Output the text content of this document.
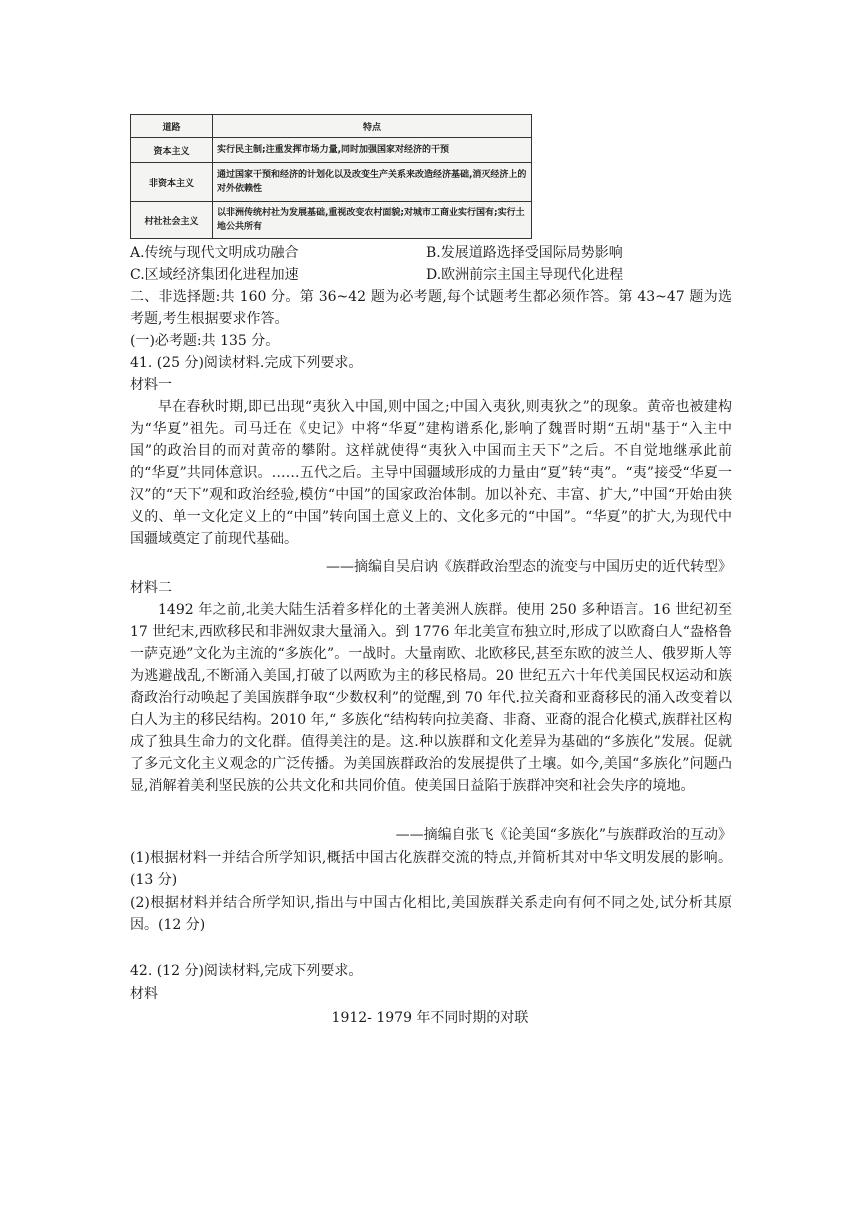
道路	特点
资本主义	实行民主制;注重发挥市场力量,同时加强国家对经济的干预
非资本主义	通过国家干预和经济的计划化以及改变生产关系来改造经济基础,消灭经济上的对外依赖性
村社社会主义	以非洲传统村社为发展基础,重视改变农村面貌;对城市工商业实行国有;实行土地公共所有
A.传统与现代文明成功融合	B.发展道路选择受国际局势影响
C.区域经济集团化进程加速	D.欧洲前宗主国主导现代化进程
二、非选择题:共 160 分。第 36~42 题为必考题,每个试题考生都必须作答。第 43~47 题为选考题,考生根据要求作答。
(一)必考题:共 135 分。
41. (25 分)阅读材料.完成下列要求。
材料一
早在春秋时期,即已出现“夷狄入中国,则中国之;中国入夷狄,则夷狄之”的现象。黄帝也被建构为“华夏”祖先。司马迁在《史记》中将“华夏”建构谱系化,影响了魏晋时期“五胡"基于“入主中国”的政治目的而对黄帝的攀附。这样就使得“夷狄入中国而主天下”之后。不自觉地继承此前的“华夏”共同体意识。……五代之后。主导中国疆域形成的力量由“夏”转“夷”。“夷”接受“华夏一汉”的“天下”观和政治经验,模仿“中国”的国家政治体制。加以补充、丰富、扩大,”中国“开始由狭义的、单一文化定义上的“中国”转向国土意义上的、文化多元的“中国”。“华夏”的扩大,为现代中国疆域奠定了前现代基础。
——摘编自吴启讷《族群政治型态的流变与中国历史的近代转型》
材料二
1492 年之前,北美大陆生活着多样化的土著美洲人族群。使用 250 多种语言。16 世纪初至 17 世纪末,西欧移民和非洲奴隶大量涌入。到 1776 年北美宣布独立时,形成了以欧裔白人“盎格鲁一萨克逊”文化为主流的“多族化”。一战时。大量南欧、北欧移民,甚至东欧的波兰人、俄罗斯人等为逃避战乱,不断涌入美国,打破了以两欧为主的移民格局。20 世纪五六十年代美国民权运动和族裔政治行动唤起了美国族群争取“少数权利”的觉醒,到 70 年代.拉关裔和亚裔移民的涌入改变着以白人为主的移民结构。2010 年,“ 多族化“结构转向拉美裔、非裔、亚裔的混合化模式,族群社区构成了独具生命力的文化群。值得美注的是。这.种以族群和文化差异为基础的“多族化”发展。促就了多元文化主义观念的广泛传播。为美国族群政治的发展提供了土壤。如今,美国“多族化”问题凸显,消解着美利坚民族的公共文化和共同价值。使美国日益陷于族群冲突和社会失序的境地。
——摘编自张飞《论美国“多族化”与族群政治的互动》
(1)根据材料一并结合所学知识,概括中国古化族群交流的特点,并简析其对中华文明发展的影响。(13 分)
(2)根据材料并结合所学知识,指出与中国古化相比,美国族群关系走向有何不同之处,试分析其原因。(12 分)
42. (12 分)阅读材料,完成下列要求。
材料
1912- 1979 年不同时期的对联
